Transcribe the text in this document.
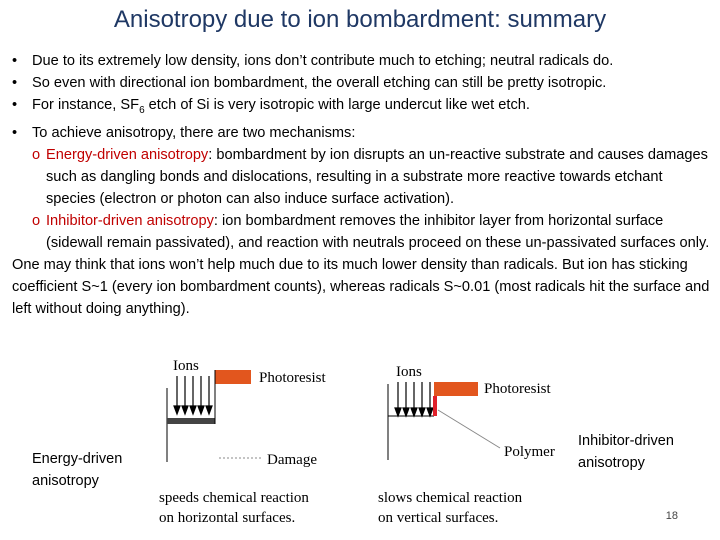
Anisotropy due to ion bombardment: summary
• Due to its extremely low density, ions don’t contribute much to etching; neutral radicals do.
• So even with directional ion bombardment, the overall etching can still be pretty isotropic.
• For instance, $SF_6$ etch of Si is very isotropic with large undercut like wet etch.
• To achieve anisotropy, there are two mechanisms:
o Energy-driven anisotropy: bombardment by ion disrupts an un-reactive substrate and causes damages such as dangling bonds and dislocations, resulting in a substrate more reactive towards etchant species (electron or photon can also induce surface activation).
o Inhibitor-driven anisotropy: ion bombardment removes the inhibitor layer from horizontal surface (sidewall remain passivated), and reaction with neutrals proceed on these un-passivated surfaces only.
One may think that ions won’t help much due to its much lower density than radicals. But ion has sticking coefficient S~1 (every ion bombardment counts), whereas radicals S~0.01 (most radicals hit the surface and left without doing anything).
Energy-driven anisotropy
Ions
Photoresist
Damage
speeds chemical reaction
on horizontal surfaces.
Ions
Photoresist
Polymer
slows chemical reaction
on vertical surfaces.
Inhibitor-driven anisotropy
18
